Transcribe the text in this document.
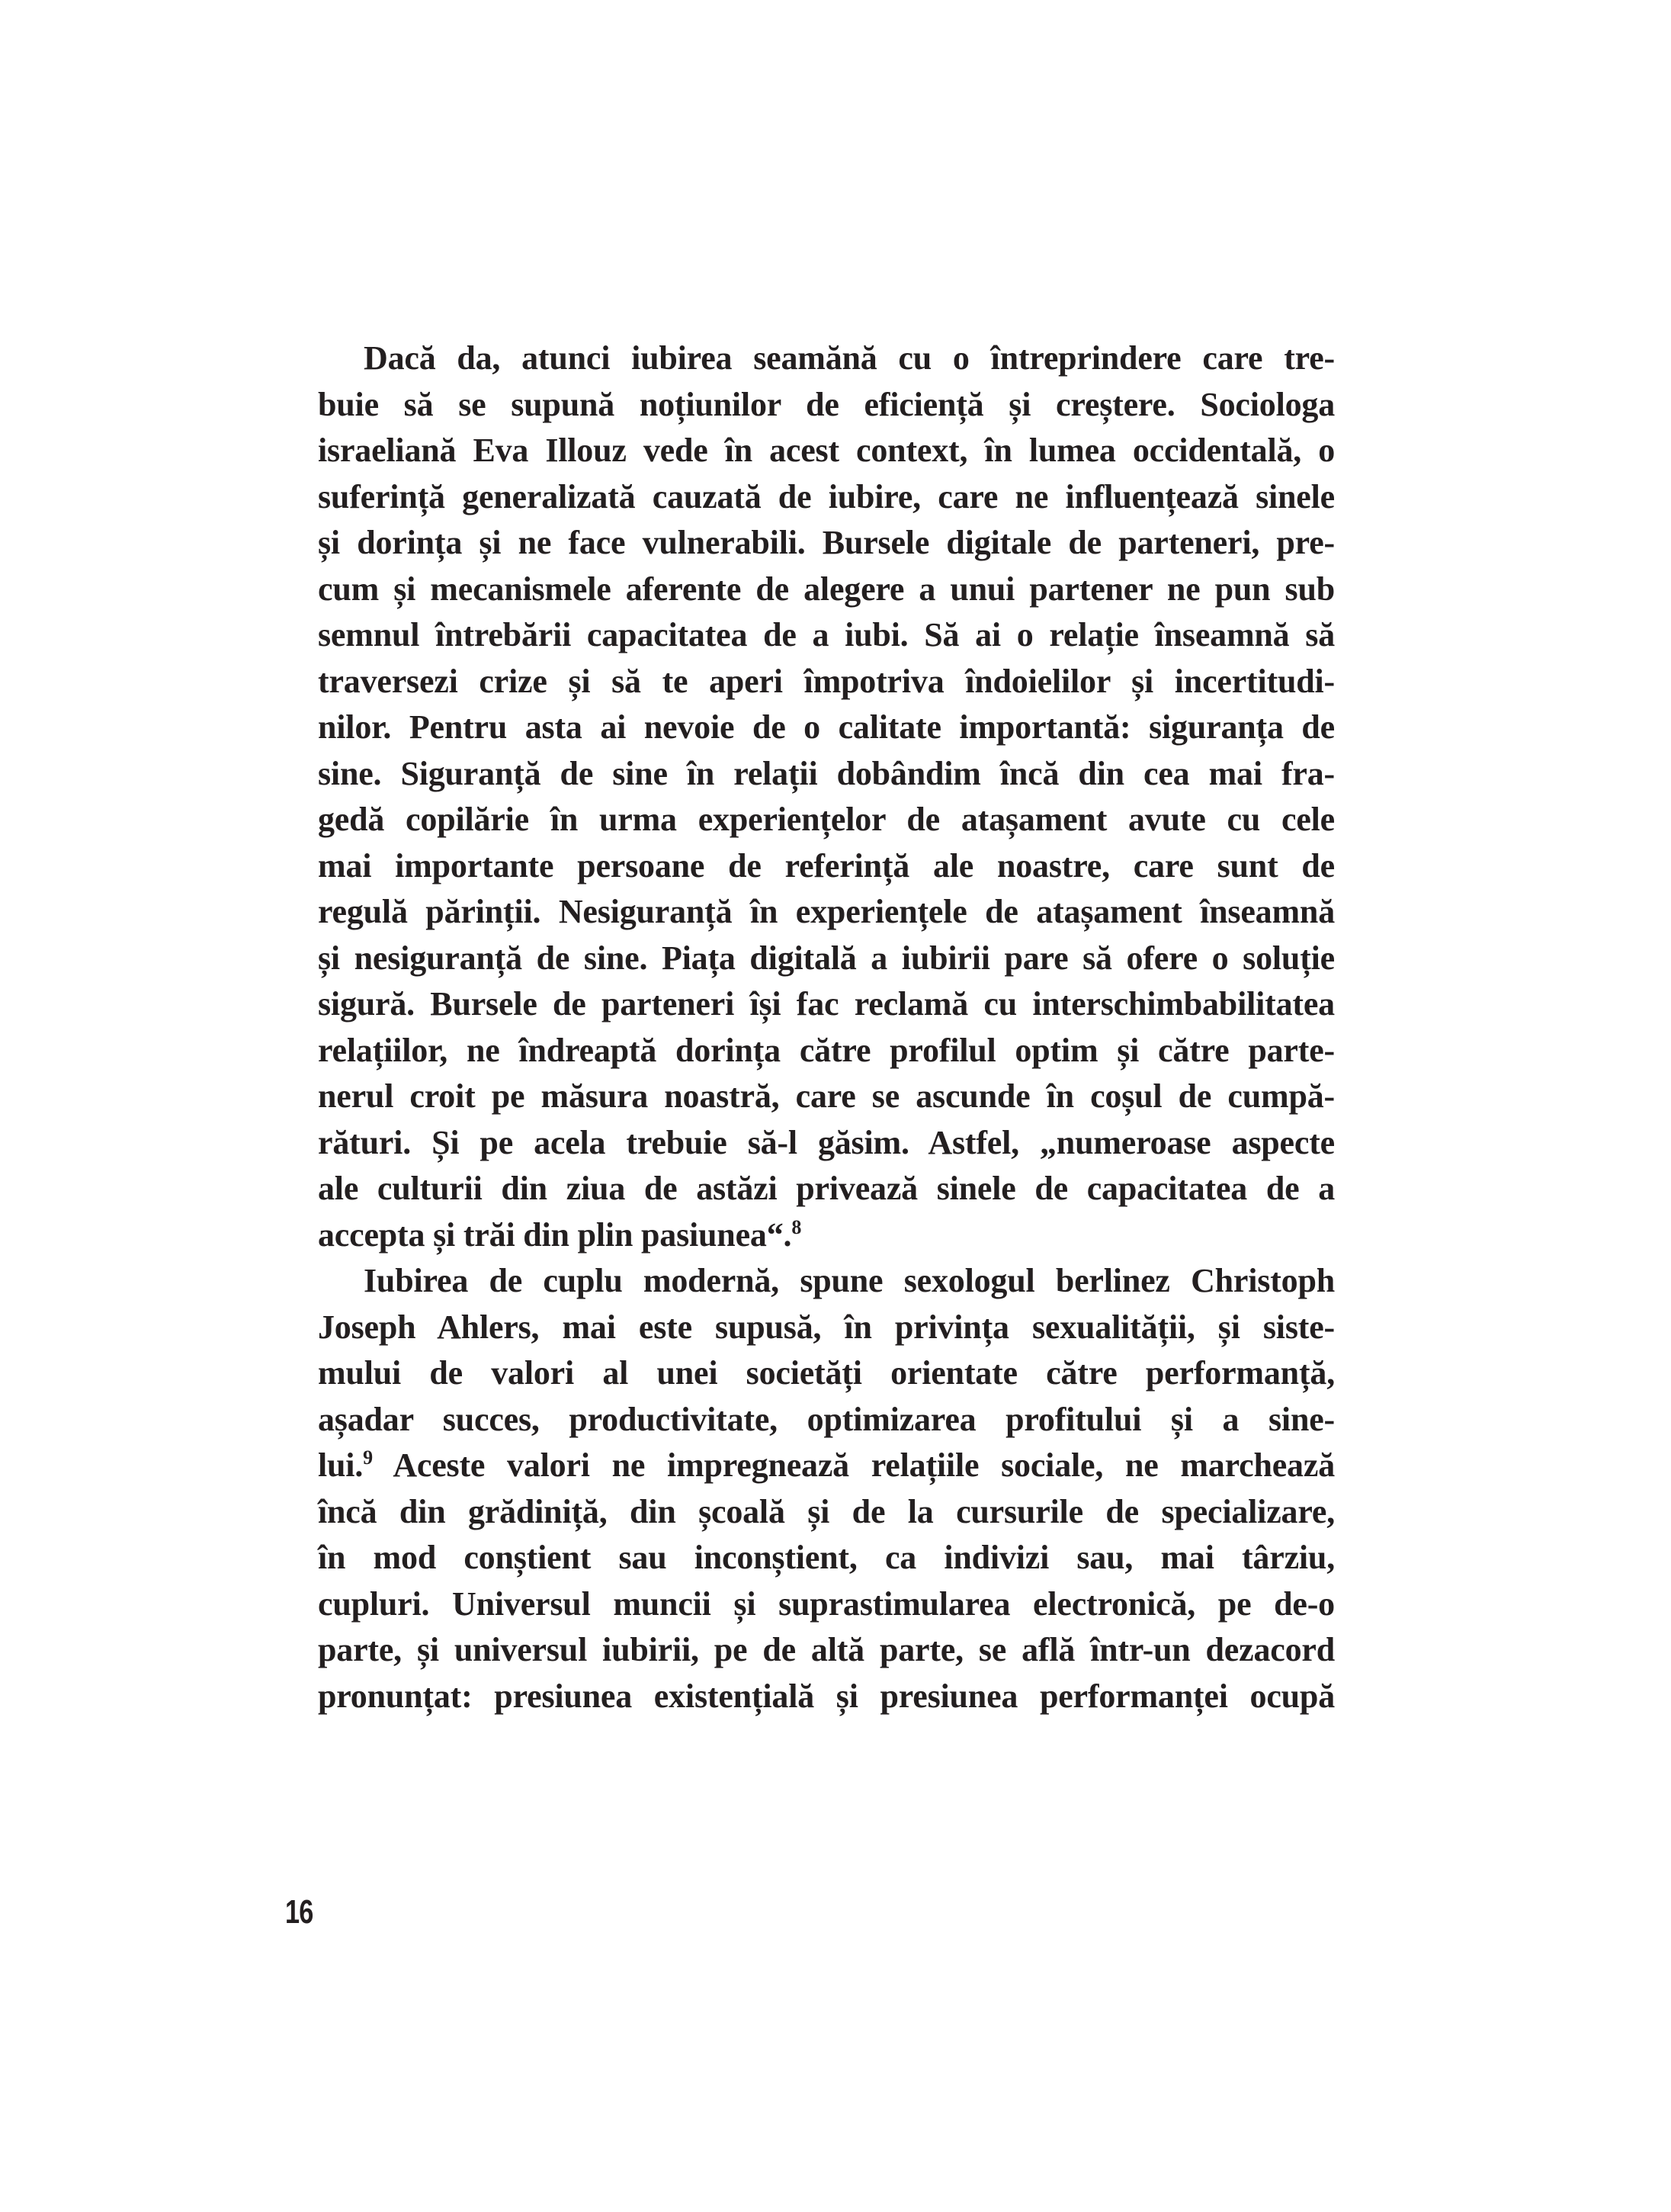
Dacă da, atunci iubirea seamănă cu o întreprindere care tre-
buie să se supună noțiunilor de eficiență și creștere. Sociologa
israeliană Eva Illouz vede în acest context, în lumea occidentală, o
suferință generalizată cauzată de iubire, care ne influențează sinele
și dorința și ne face vulnerabili. Bursele digitale de parteneri, pre-
cum și mecanismele aferente de alegere a unui partener ne pun sub
semnul întrebării capacitatea de a iubi. Să ai o relație înseamnă să
traversezi crize și să te aperi împotriva îndoielilor și incertitudi-
nilor. Pentru asta ai nevoie de o calitate importantă: siguranța de
sine. Siguranță de sine în relații dobândim încă din cea mai fra-
gedă copilărie în urma experiențelor de atașament avute cu cele
mai importante persoane de referință ale noastre, care sunt de
regulă părinții. Nesiguranță în experiențele de atașament înseamnă
și nesiguranță de sine. Piața digitală a iubirii pare să ofere o soluție
sigură. Bursele de parteneri își fac reclamă cu interschimbabilitatea
relațiilor, ne îndreaptă dorința către profilul optim și către parte-
nerul croit pe măsura noastră, care se ascunde în coșul de cumpă-
rături. Și pe acela trebuie să-l găsim. Astfel, „numeroase aspecte
ale culturii din ziua de astăzi privează sinele de capacitatea de a
accepta și trăi din plin pasiunea“.$^8$
Iubirea de cuplu modernă, spune sexologul berlinez Christoph
Joseph Ahlers, mai este supusă, în privința sexualității, și siste-
mului de valori al unei societăți orientate către performanță,
așadar succes, productivitate, optimizarea profitului și a sine-
lui.$^9$ Aceste valori ne impregnează relațiile sociale, ne marchează
încă din grădiniță, din școală și de la cursurile de specializare,
în mod conștient sau inconștient, ca indivizi sau, mai târziu,
cupluri. Universul muncii și suprastimularea electronică, pe de-o
parte, și universul iubirii, pe de altă parte, se află într-un dezacord
pronunțat: presiunea existențială și presiunea performanței ocupă
16
